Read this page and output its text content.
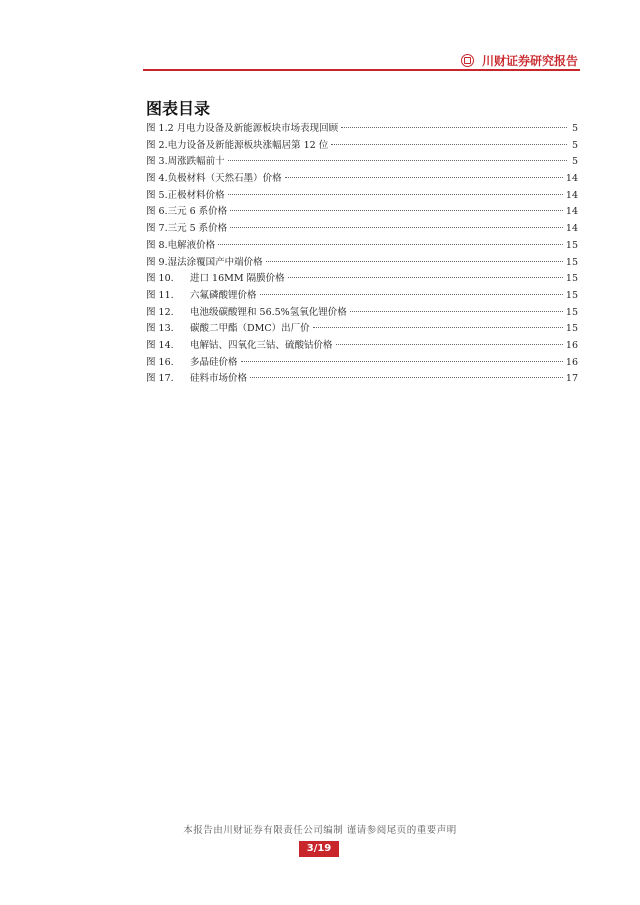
川财证券研究报告
图表目录
图 1. 2 月电力设备及新能源板块市场表现回顾	5
图 2. 电力设备及新能源板块涨幅居第 12 位	5
图 3. 周涨跌幅前十	5
图 4. 负极材料（天然石墨）价格	14
图 5. 正极材料价格	14
图 6. 三元 6 系价格	14
图 7. 三元 5 系价格	14
图 8. 电解液价格	15
图 9. 湿法涂覆国产中端价格	15
图 10.	进口 16MM 隔膜价格	15
图 11.	六氟磷酸锂价格	15
图 12.	电池级碳酸锂和 56.5%氢氧化锂价格	15
图 13.	碳酸二甲酯（DMC）出厂价	15
图 14.	电解钴、四氧化三钴、硫酸钴价格	16
图 16.	多晶硅价格	16
图 17.	硅料市场价格	17
本报告由川财证券有限责任公司编制 谨请参阅尾页的重要声明
3/19
